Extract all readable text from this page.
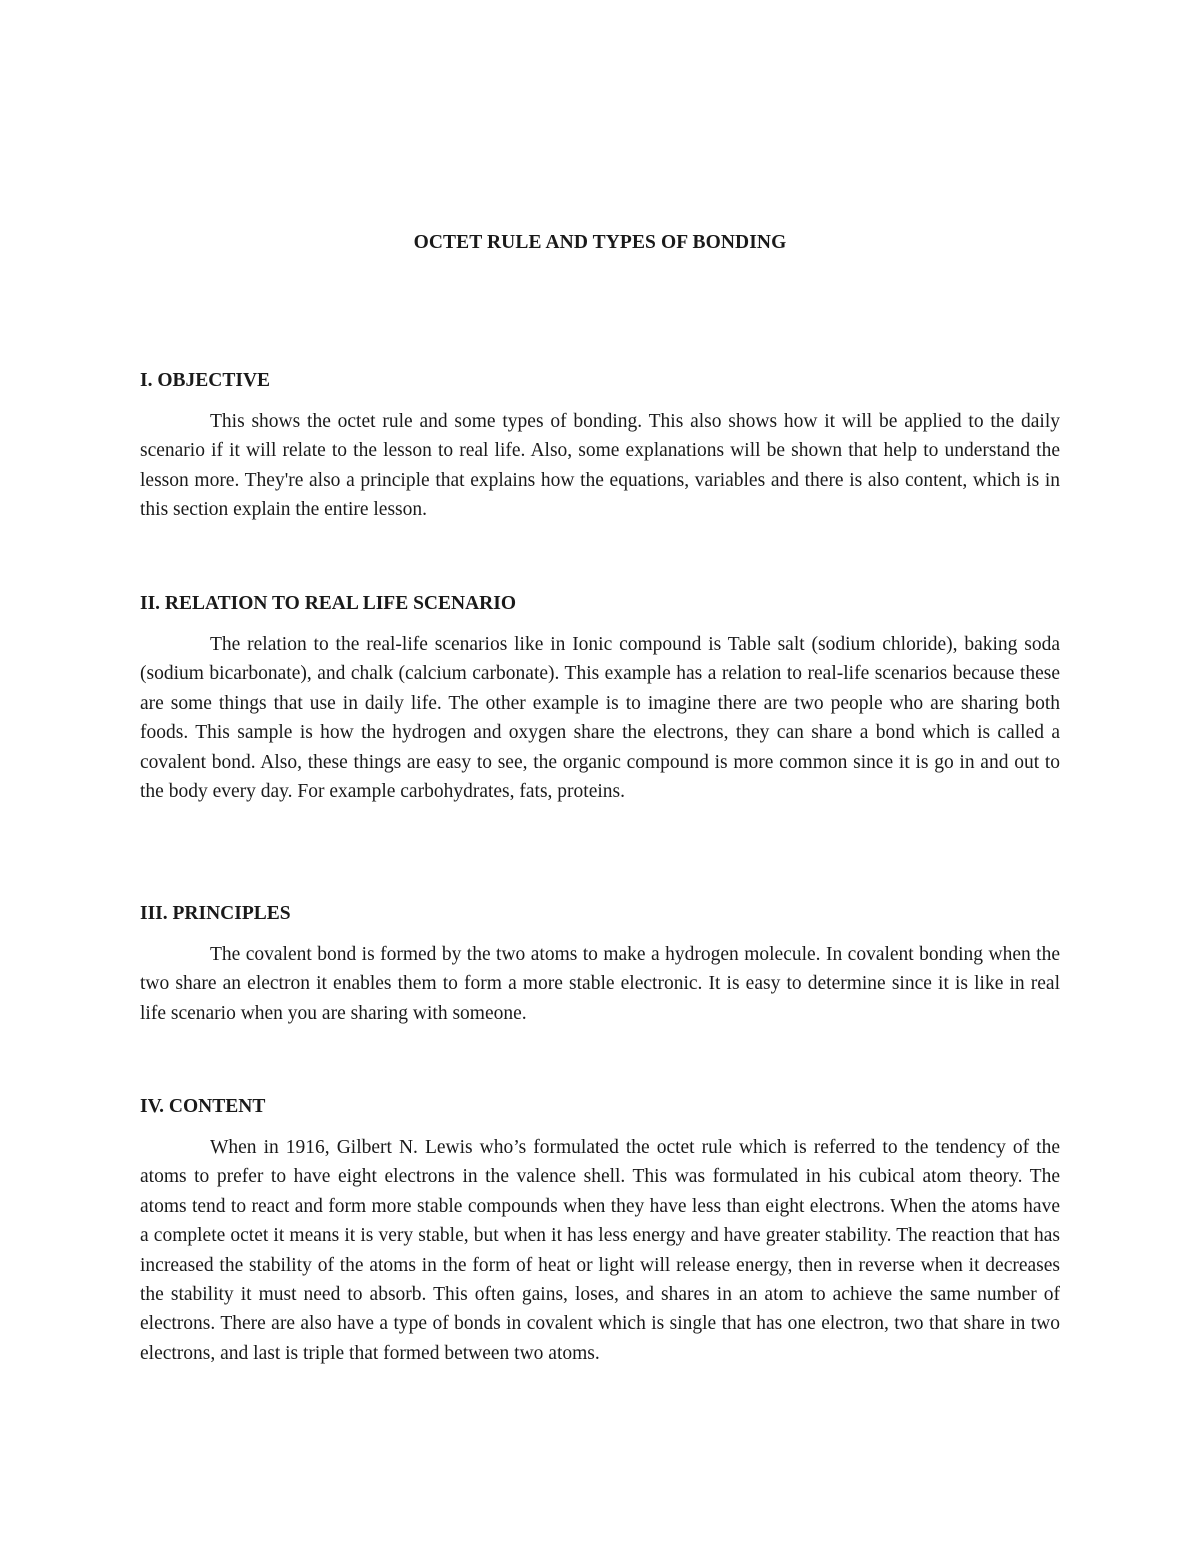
OCTET RULE AND TYPES OF BONDING
I. OBJECTIVE

This shows the octet rule and some types of bonding. This also shows how it will be applied to the daily scenario if it will relate to the lesson to real life. Also, some explanations will be shown that help to understand the lesson more. They're also a principle that explains how the equations, variables and there is also content, which is in this section explain the entire lesson.

II. RELATION TO REAL LIFE SCENARIO

The relation to the real-life scenarios like in Ionic compound is Table salt (sodium chloride), baking soda (sodium bicarbonate), and chalk (calcium carbonate). This example has a relation to real-life scenarios because these are some things that use in daily life. The other example is to imagine there are two people who are sharing both foods. This sample is how the hydrogen and oxygen share the electrons, they can share a bond which is called a covalent bond. Also, these things are easy to see, the organic compound is more common since it is go in and out to the body every day. For example carbohydrates, fats, proteins.

III. PRINCIPLES

The covalent bond is formed by the two atoms to make a hydrogen molecule. In covalent bonding when the two share an electron it enables them to form a more stable electronic. It is easy to determine since it is like in real life scenario when you are sharing with someone.

IV. CONTENT

When in 1916, Gilbert N. Lewis who’s formulated the octet rule which is referred to the tendency of the atoms to prefer to have eight electrons in the valence shell. This was formulated in his cubical atom theory. The atoms tend to react and form more stable compounds when they have less than eight electrons. When the atoms have a complete octet it means it is very stable, but when it has less energy and have greater stability. The reaction that has increased the stability of the atoms in the form of heat or light will release energy, then in reverse when it decreases the stability it must need to absorb. This often gains, loses, and shares in an atom to achieve the same number of electrons. There are also have a type of bonds in covalent which is single that has one electron, two that share in two electrons, and last is triple that formed between two atoms.
